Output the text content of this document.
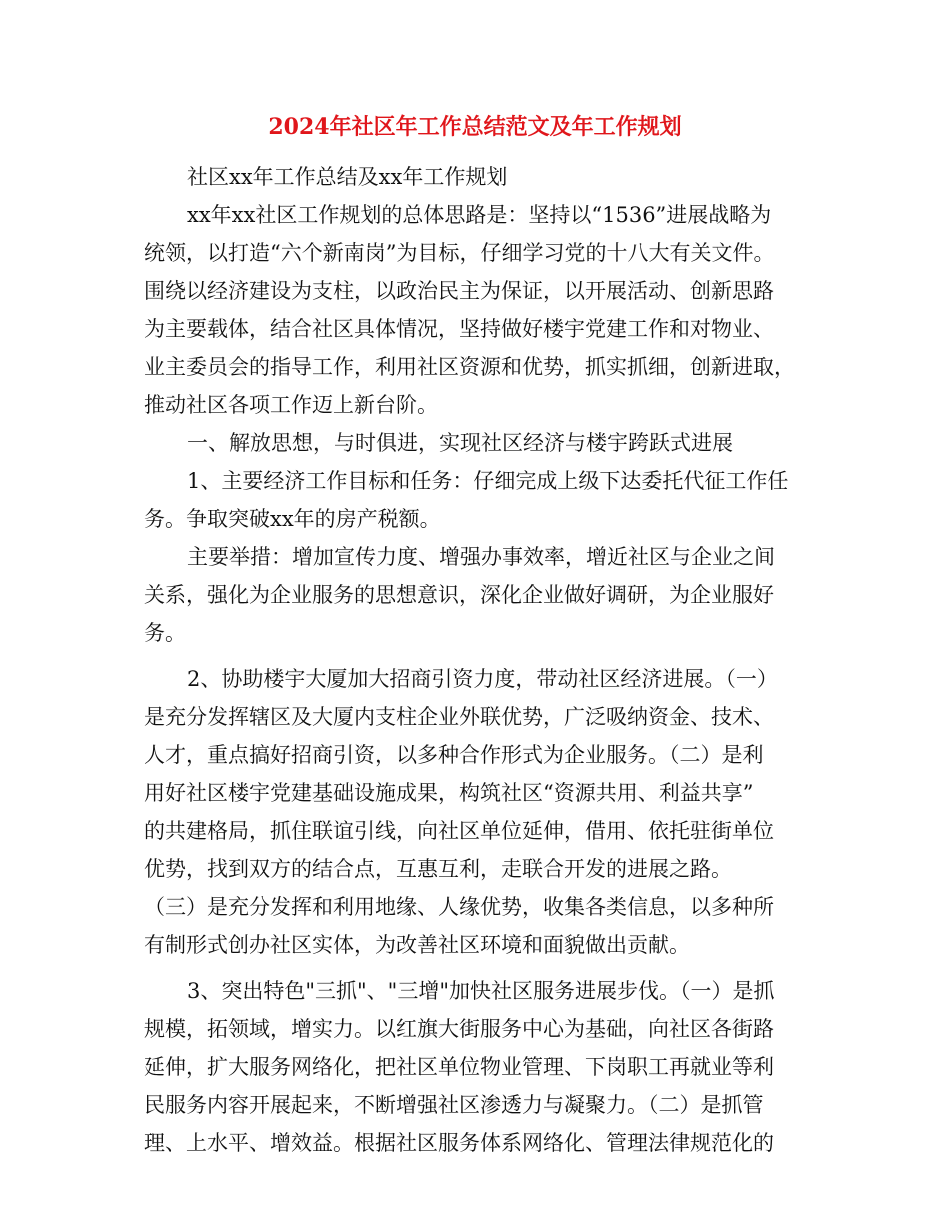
2024年社区年工作总结范文及年工作规划

社区xx年工作总结及xx年工作规划

xx年xx社区工作规划的总体思路是：坚持以“1536”进展战略为

统领，以打造“六个新南岗”为目标，仔细学习党的十八大有关文件。

围绕以经济建设为支柱，以政治民主为保证，以开展活动、创新思路

为主要载体，结合社区具体情况，坚持做好楼宇党建工作和对物业、

业主委员会的指导工作，利用社区资源和优势，抓实抓细，创新进取，

推动社区各项工作迈上新台阶。

一、解放思想，与时俱进，实现社区经济与楼宇跨跃式进展

1、主要经济工作目标和任务：仔细完成上级下达委托代征工作任

务。争取突破xx年的房产税额。

主要举措：增加宣传力度、增强办事效率，增近社区与企业之间

关系，强化为企业服务的思想意识，深化企业做好调研，为企业服好

务。

2、协助楼宇大厦加大招商引资力度，带动社区经济进展。（一）

是充分发挥辖区及大厦内支柱企业外联优势，广泛吸纳资金、技术、

人才，重点搞好招商引资，以多种合作形式为企业服务。（二）是利

用好社区楼宇党建基础设施成果，构筑社区“资源共用、利益共享”

的共建格局，抓住联谊引线，向社区单位延伸，借用、依托驻街单位

优势，找到双方的结合点，互惠互利，走联合开发的进展之路。

（三）是充分发挥和利用地缘、人缘优势，收集各类信息，以多种所

有制形式创办社区实体，为改善社区环境和面貌做出贡献。

3、突出特色"三抓"、"三增"加快社区服务进展步伐。（一）是抓

规模，拓领域，增实力。以红旗大街服务中心为基础，向社区各街路

延伸，扩大服务网络化，把社区单位物业管理、下岗职工再就业等利

民服务内容开展起来，不断增强社区渗透力与凝聚力。（二）是抓管

理、上水平、增效益。根据社区服务体系网络化、管理法律规范化的
